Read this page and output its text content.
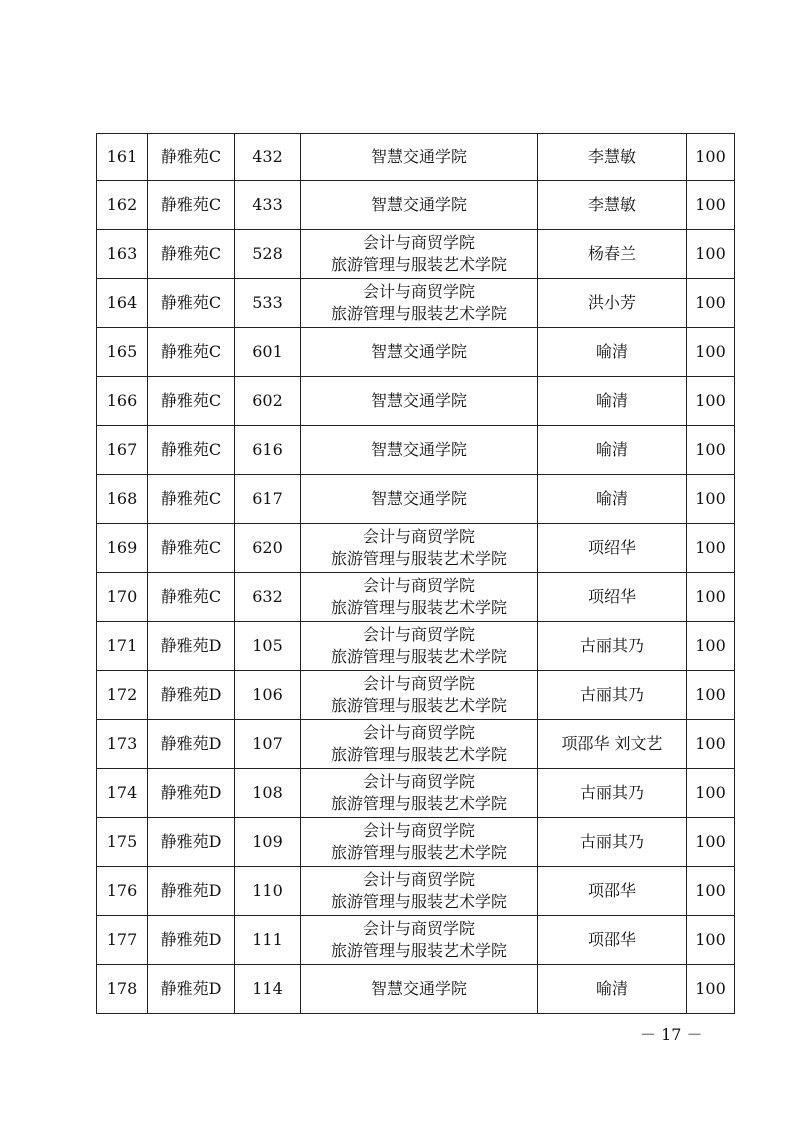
161	静雅苑C	432	智慧交通学院	李慧敏	100
162	静雅苑C	433	智慧交通学院	李慧敏	100
163	静雅苑C	528	会计与商贸学院
旅游管理与服装艺术学院	杨春兰	100
164	静雅苑C	533	会计与商贸学院
旅游管理与服装艺术学院	洪小芳	100
165	静雅苑C	601	智慧交通学院	喻清	100
166	静雅苑C	602	智慧交通学院	喻清	100
167	静雅苑C	616	智慧交通学院	喻清	100
168	静雅苑C	617	智慧交通学院	喻清	100
169	静雅苑C	620	会计与商贸学院
旅游管理与服装艺术学院	项绍华	100
170	静雅苑C	632	会计与商贸学院
旅游管理与服装艺术学院	项绍华	100
171	静雅苑D	105	会计与商贸学院
旅游管理与服装艺术学院	古丽其乃	100
172	静雅苑D	106	会计与商贸学院
旅游管理与服装艺术学院	古丽其乃	100
173	静雅苑D	107	会计与商贸学院
旅游管理与服装艺术学院	项邵华 刘文艺	100
174	静雅苑D	108	会计与商贸学院
旅游管理与服装艺术学院	古丽其乃	100
175	静雅苑D	109	会计与商贸学院
旅游管理与服装艺术学院	古丽其乃	100
176	静雅苑D	110	会计与商贸学院
旅游管理与服装艺术学院	项邵华	100
177	静雅苑D	111	会计与商贸学院
旅游管理与服装艺术学院	项邵华	100
178	静雅苑D	114	智慧交通学院	喻清	100
－ 17 －
